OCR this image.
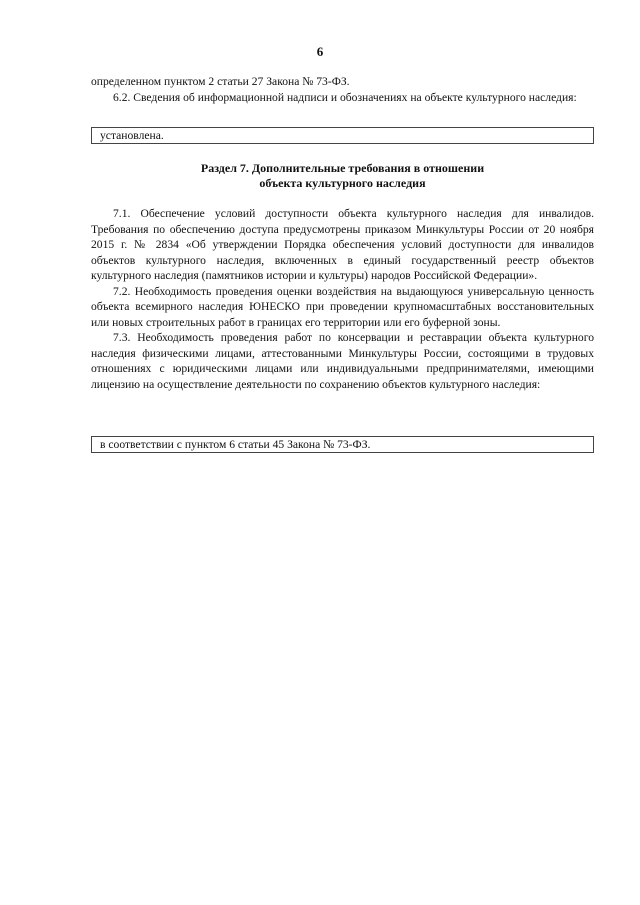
6

определенном пунктом 2 статьи 27 Закона № 73-ФЗ.

6.2. Сведения об информационной надписи и обозначениях на объекте культурного наследия:

установлена.

Раздел 7. Дополнительные требования в отношении

объекта культурного наследия

7.1. Обеспечение условий доступности объекта культурного наследия для инвалидов. Требования по обеспечению доступа предусмотрены приказом Минкультуры России от 20 ноября 2015 г. № 2834 «Об утверждении Порядка обеспечения условий доступности для инвалидов объектов культурного наследия, включенных в единый государственный реестр объектов культурного наследия (памятников истории и культуры) народов Российской Федерации».

7.2. Необходимость проведения оценки воздействия на выдающуюся универсальную ценность объекта всемирного наследия ЮНЕСКО при проведении крупномасштабных восстановительных или новых строительных работ в границах его территории или его буферной зоны.

7.3. Необходимость проведения работ по консервации и реставрации объекта культурного наследия физическими лицами, аттестованными Минкультуры России, состоящими в трудовых отношениях с юридическими лицами или индивидуальными предпринимателями, имеющими лицензию на осуществление деятельности по сохранению объектов культурного наследия:

в соответствии с пунктом 6 статьи 45 Закона № 73-ФЗ.
